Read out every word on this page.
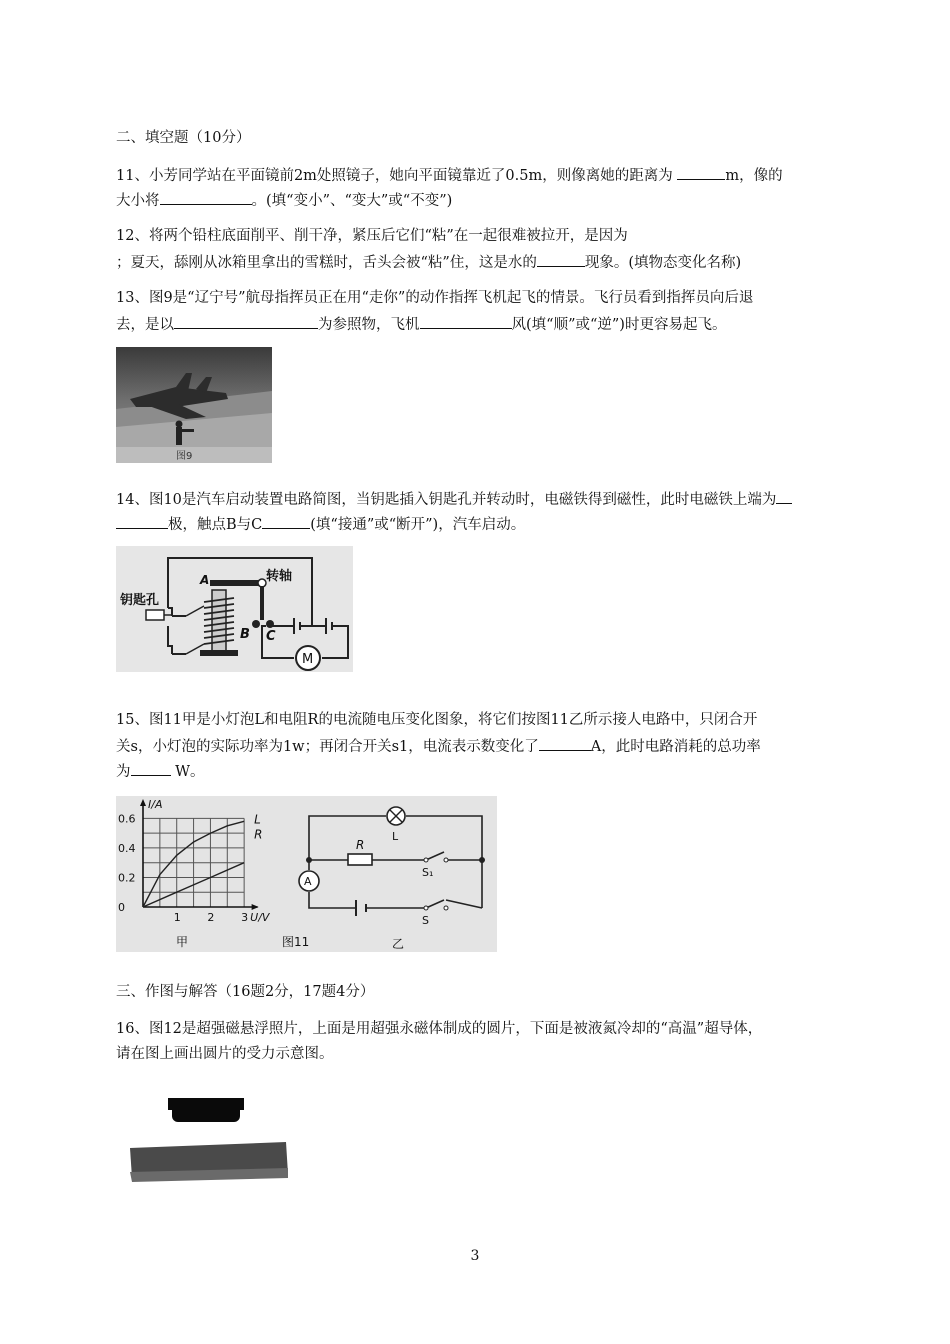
二、填空题（10分）
11、小芳同学站在平面镜前2m处照镜子，她向平面镜靠近了0.5m，则像离她的距离为	m，像的
大小将	。(填“变小”、“变大”或“不变”)
12、将两个铅柱底面削平、削干净，紧压后它们“粘”在一起很难被拉开，是因为
；夏天，舔刚从冰箱里拿出的雪糕时，舌头会被“粘”住，这是水的	现象。(填物态变化名称)
13、图9是“辽宁号”航母指挥员正在用“走你”的动作指挥飞机起飞的情景。飞行员看到指挥员向后退
去，是以	为参照物，飞机	风(填“顺”或“逆”)时更容易起飞。
图9
14、图10是汽车启动装置电路简图，当钥匙插入钥匙孔并转动时，电磁铁得到磁性，此时电磁铁上端为
极，触点B与C	(填“接通”或“断开”)，汽车启动。
钥匙孔
A	转轴
B C
M
15、图11甲是小灯泡L和电阻R的电流随电压变化图象，将它们按图11乙所示接人电路中，只闭合开
关s，小灯泡的实际功率为1w；再闭合开关s1，电流表示数变化了	A，此时电路消耗的总功率
为	W。
0
0.2
0.4
0.6
1 2 3
I/A
U/V
L
R
甲	图11	乙
L
R
S₁
A
S
三、作图与解答（16题2分，17题4分）
16、图12是超强磁悬浮照片，上面是用超强永磁体制成的圆片，下面是被液氮冷却的“高温”超导体，
请在图上画出圆片的受力示意图。
3
